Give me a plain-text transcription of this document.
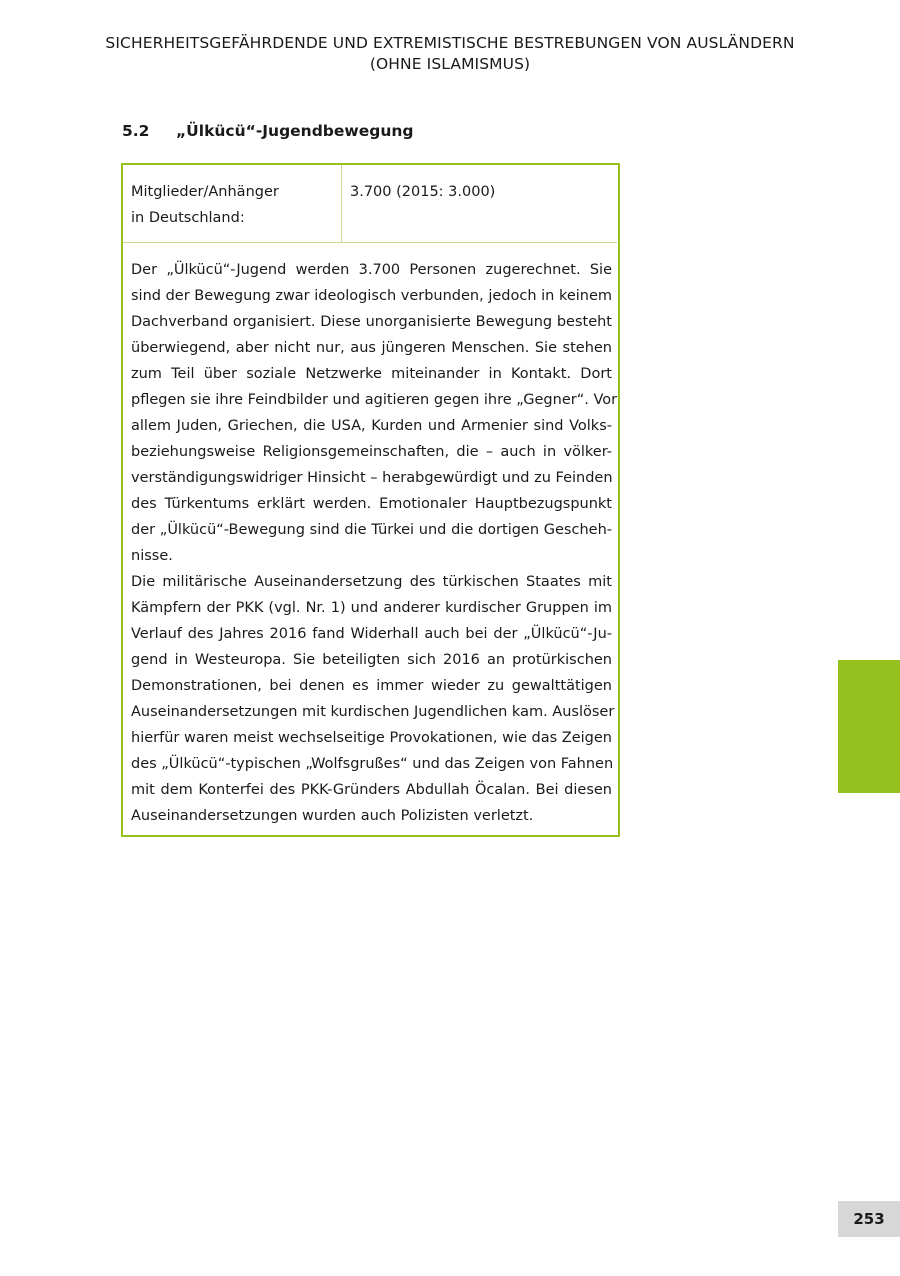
SICHERHEITSGEFÄHRDENDE UND EXTREMISTISCHE BESTREBUNGEN VON AUSLÄNDERN
(OHNE ISLAMISMUS)
5.2 „Ülkücü“-Jugendbewegung
Mitglieder/Anhänger
in Deutschland:
3.700 (2015: 3.000)
Der „Ülkücü“-Jugend werden 3.700 Personen zugerechnet. Sie
sind der Bewegung zwar ideologisch verbunden, jedoch in keinem
Dachverband organisiert. Diese unorganisierte Bewegung besteht
überwiegend, aber nicht nur, aus jüngeren Menschen. Sie stehen
zum Teil über soziale Netzwerke miteinander in Kontakt. Dort
pflegen sie ihre Feindbilder und agitieren gegen ihre „Gegner“. Vor
allem Juden, Griechen, die USA, Kurden und Armenier sind Volks-
beziehungsweise Religionsgemeinschaften, die – auch in völker-
verständigungswidriger Hinsicht – herabgewürdigt und zu Feinden
des Türkentums erklärt werden. Emotionaler Hauptbezugspunkt
der „Ülkücü“-Bewegung sind die Türkei und die dortigen Gescheh-
nisse.
Die militärische Auseinandersetzung des türkischen Staates mit
Kämpfern der PKK (vgl. Nr. 1) und anderer kurdischer Gruppen im
Verlauf des Jahres 2016 fand Widerhall auch bei der „Ülkücü“-Ju-
gend in Westeuropa. Sie beteiligten sich 2016 an protürkischen
Demonstrationen, bei denen es immer wieder zu gewalttätigen
Auseinandersetzungen mit kurdischen Jugendlichen kam. Auslöser
hierfür waren meist wechselseitige Provokationen, wie das Zeigen
des „Ülkücü“-typischen „Wolfsgrußes“ und das Zeigen von Fahnen
mit dem Konterfei des PKK-Gründers Abdullah Öcalan. Bei diesen
Auseinandersetzungen wurden auch Polizisten verletzt.
253
